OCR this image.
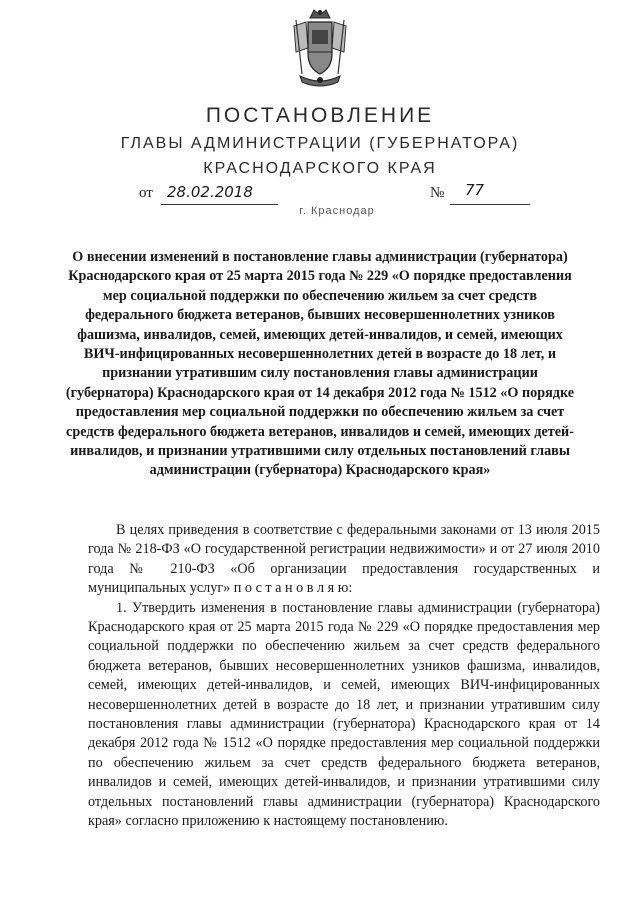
ПОСТАНОВЛЕНИЕ
ГЛАВЫ АДМИНИСТРАЦИИ (ГУБЕРНАТОРА)
КРАСНОДАРСКОГО КРАЯ
от 28.02.2018	№ 77
г. Краснодар
О внесении изменений в постановление главы администрации (губернатора) Краснодарского края от 25 марта 2015 года № 229 «О порядке предоставления мер социальной поддержки по обеспечению жильем за счет средств федерального бюджета ветеранов, бывших несовершеннолетних узников фашизма, инвалидов, семей, имеющих детей-инвалидов, и семей, имеющих ВИЧ-инфицированных несовершеннолетних детей в возрасте до 18 лет, и признании утратившим силу постановления главы администрации (губернатора) Краснодарского края от 14 декабря 2012 года № 1512 «О порядке предоставления мер социальной поддержки по обеспечению жильем за счет средств федерального бюджета ветеранов, инвалидов и семей, имеющих детей-инвалидов, и признании утратившими силу отдельных постановлений главы администрации (губернатора) Краснодарского края»

В целях приведения в соответствие с федеральными законами от 13 июля 2015 года № 218-ФЗ «О государственной регистрации недвижимости» и от 27 июля 2010 года № 210-ФЗ «Об организации предоставления государственных и муниципальных услуг» п о с т а н о в л я ю:

1. Утвердить изменения в постановление главы администрации (губернатора) Краснодарского края от 25 марта 2015 года № 229 «О порядке предоставления мер социальной поддержки по обеспечению жильем за счет средств федерального бюджета ветеранов, бывших несовершеннолетних узников фашизма, инвалидов, семей, имеющих детей-инвалидов, и семей, имеющих ВИЧ-инфицированных несовершеннолетних детей в возрасте до 18 лет, и признании утратившим силу постановления главы администрации (губернатора) Краснодарского края от 14 декабря 2012 года № 1512 «О порядке предоставления мер социальной поддержки по обеспечению жильем за счет средств федерального бюджета ветеранов, инвалидов и семей, имеющих детей-инвалидов, и признании утратившими силу отдельных постановлений главы администрации (губернатора) Краснодарского края» согласно приложению к настоящему постановлению.
